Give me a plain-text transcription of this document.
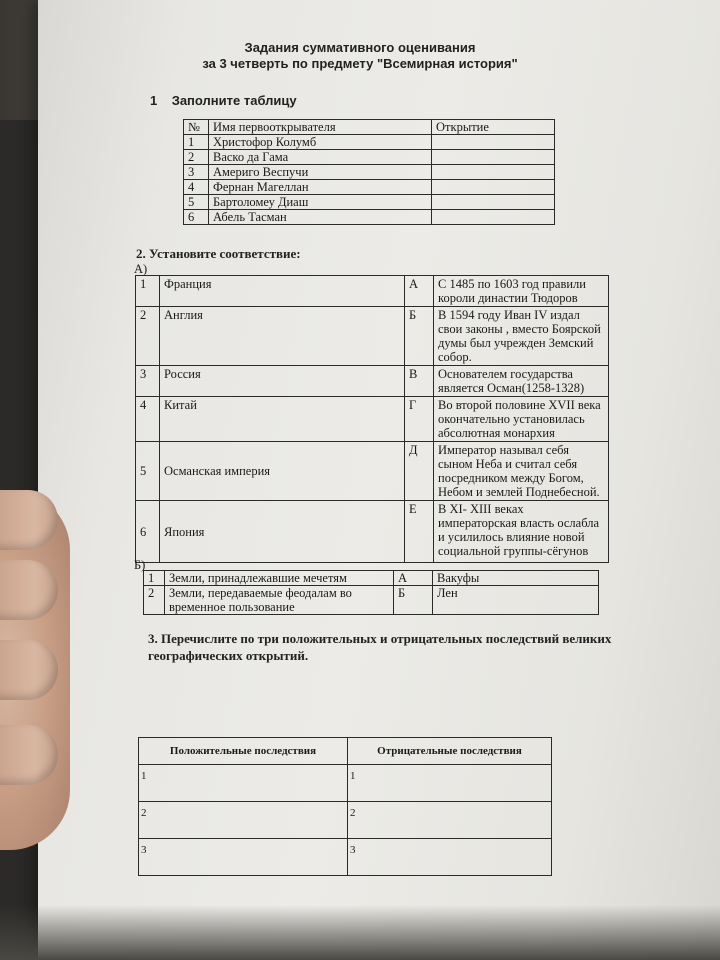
Задания суммативного оценивания
за 3 четверть по предмету "Всемирная история"
1 Заполните таблицу
№	Имя первооткрывателя	Открытие
1	Христофор Колумб	
2	Васко да Гама	
3	Америго Веспучи	
4	Фернан Магеллан	
5	Бартоломеу Диаш	
6	Абель Тасман	
2. Установите соответствие:
А)
1	Франция	А	С 1485 по 1603 год правили короли династии Тюдоров
2	Англия	Б	В 1594 году Иван IV издал свои законы , вместо Боярской думы был учрежден Земский собор.
3	Россия	В	Основателем государства является Осман(1258-1328)
4	Китай	Г	Во второй половине XVII века окончательно установилась абсолютная монархия
5	Османская империя	Д	Император называл себя сыном Неба и считал себя посредником между Богом, Небом и землей Поднебесной.
6	Япония	Е	В XI- XIII веках императорская власть ослабла и усилилось влияние новой социальной группы-сёгунов
Б)
1	Земли, принадлежавшие мечетям	А	Вакуфы
2	Земли, передаваемые феодалам во временное пользование	Б	Лен
3. Перечислите по три положительных и отрицательных последствий великих
географических открытий.
Положительные последствия	Отрицательные последствия
1	1
2	2
3	3
